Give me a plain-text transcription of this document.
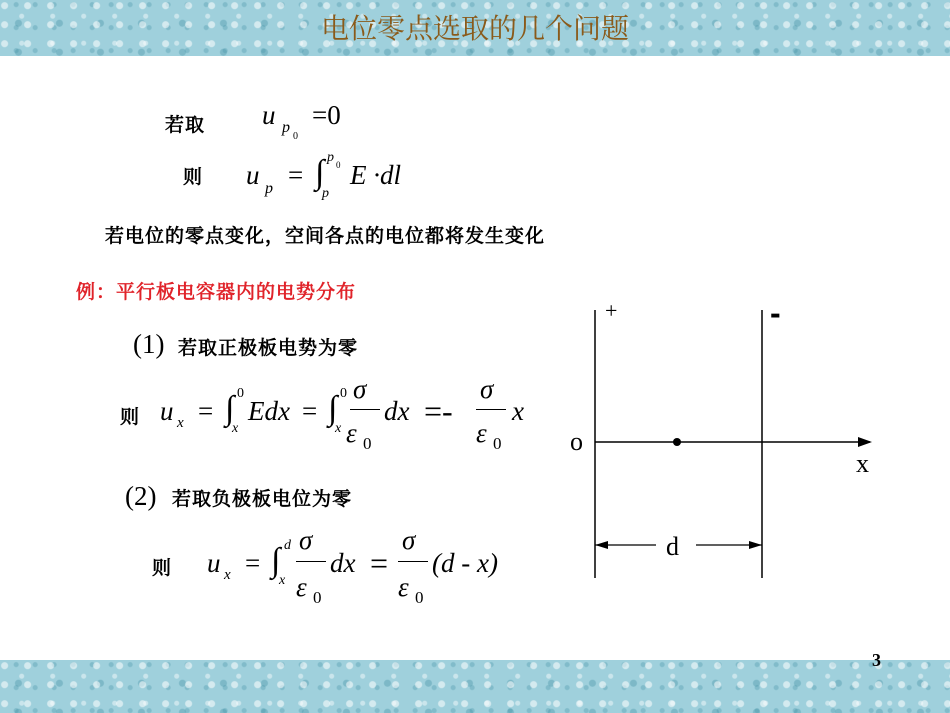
电位零点选取的几个问题
若取 u p
0
=0
则 u p = ∫ p 0
p
E ·dl
若电位的零点变化，空间各点的电位都将发生变化
例：平行板电容器内的电势分布
(1) 若取正极板电势为零
则 u x = ∫ 0
x
Edx = ∫ 0
x
σ
ε 0
dx =-
σ
ε 0
x
(2) 若取负极板电位为零
则 u x = ∫ d
x
σ
ε 0
dx =
σ
ε 0
(d - x)
+	-
o
x
d
3
